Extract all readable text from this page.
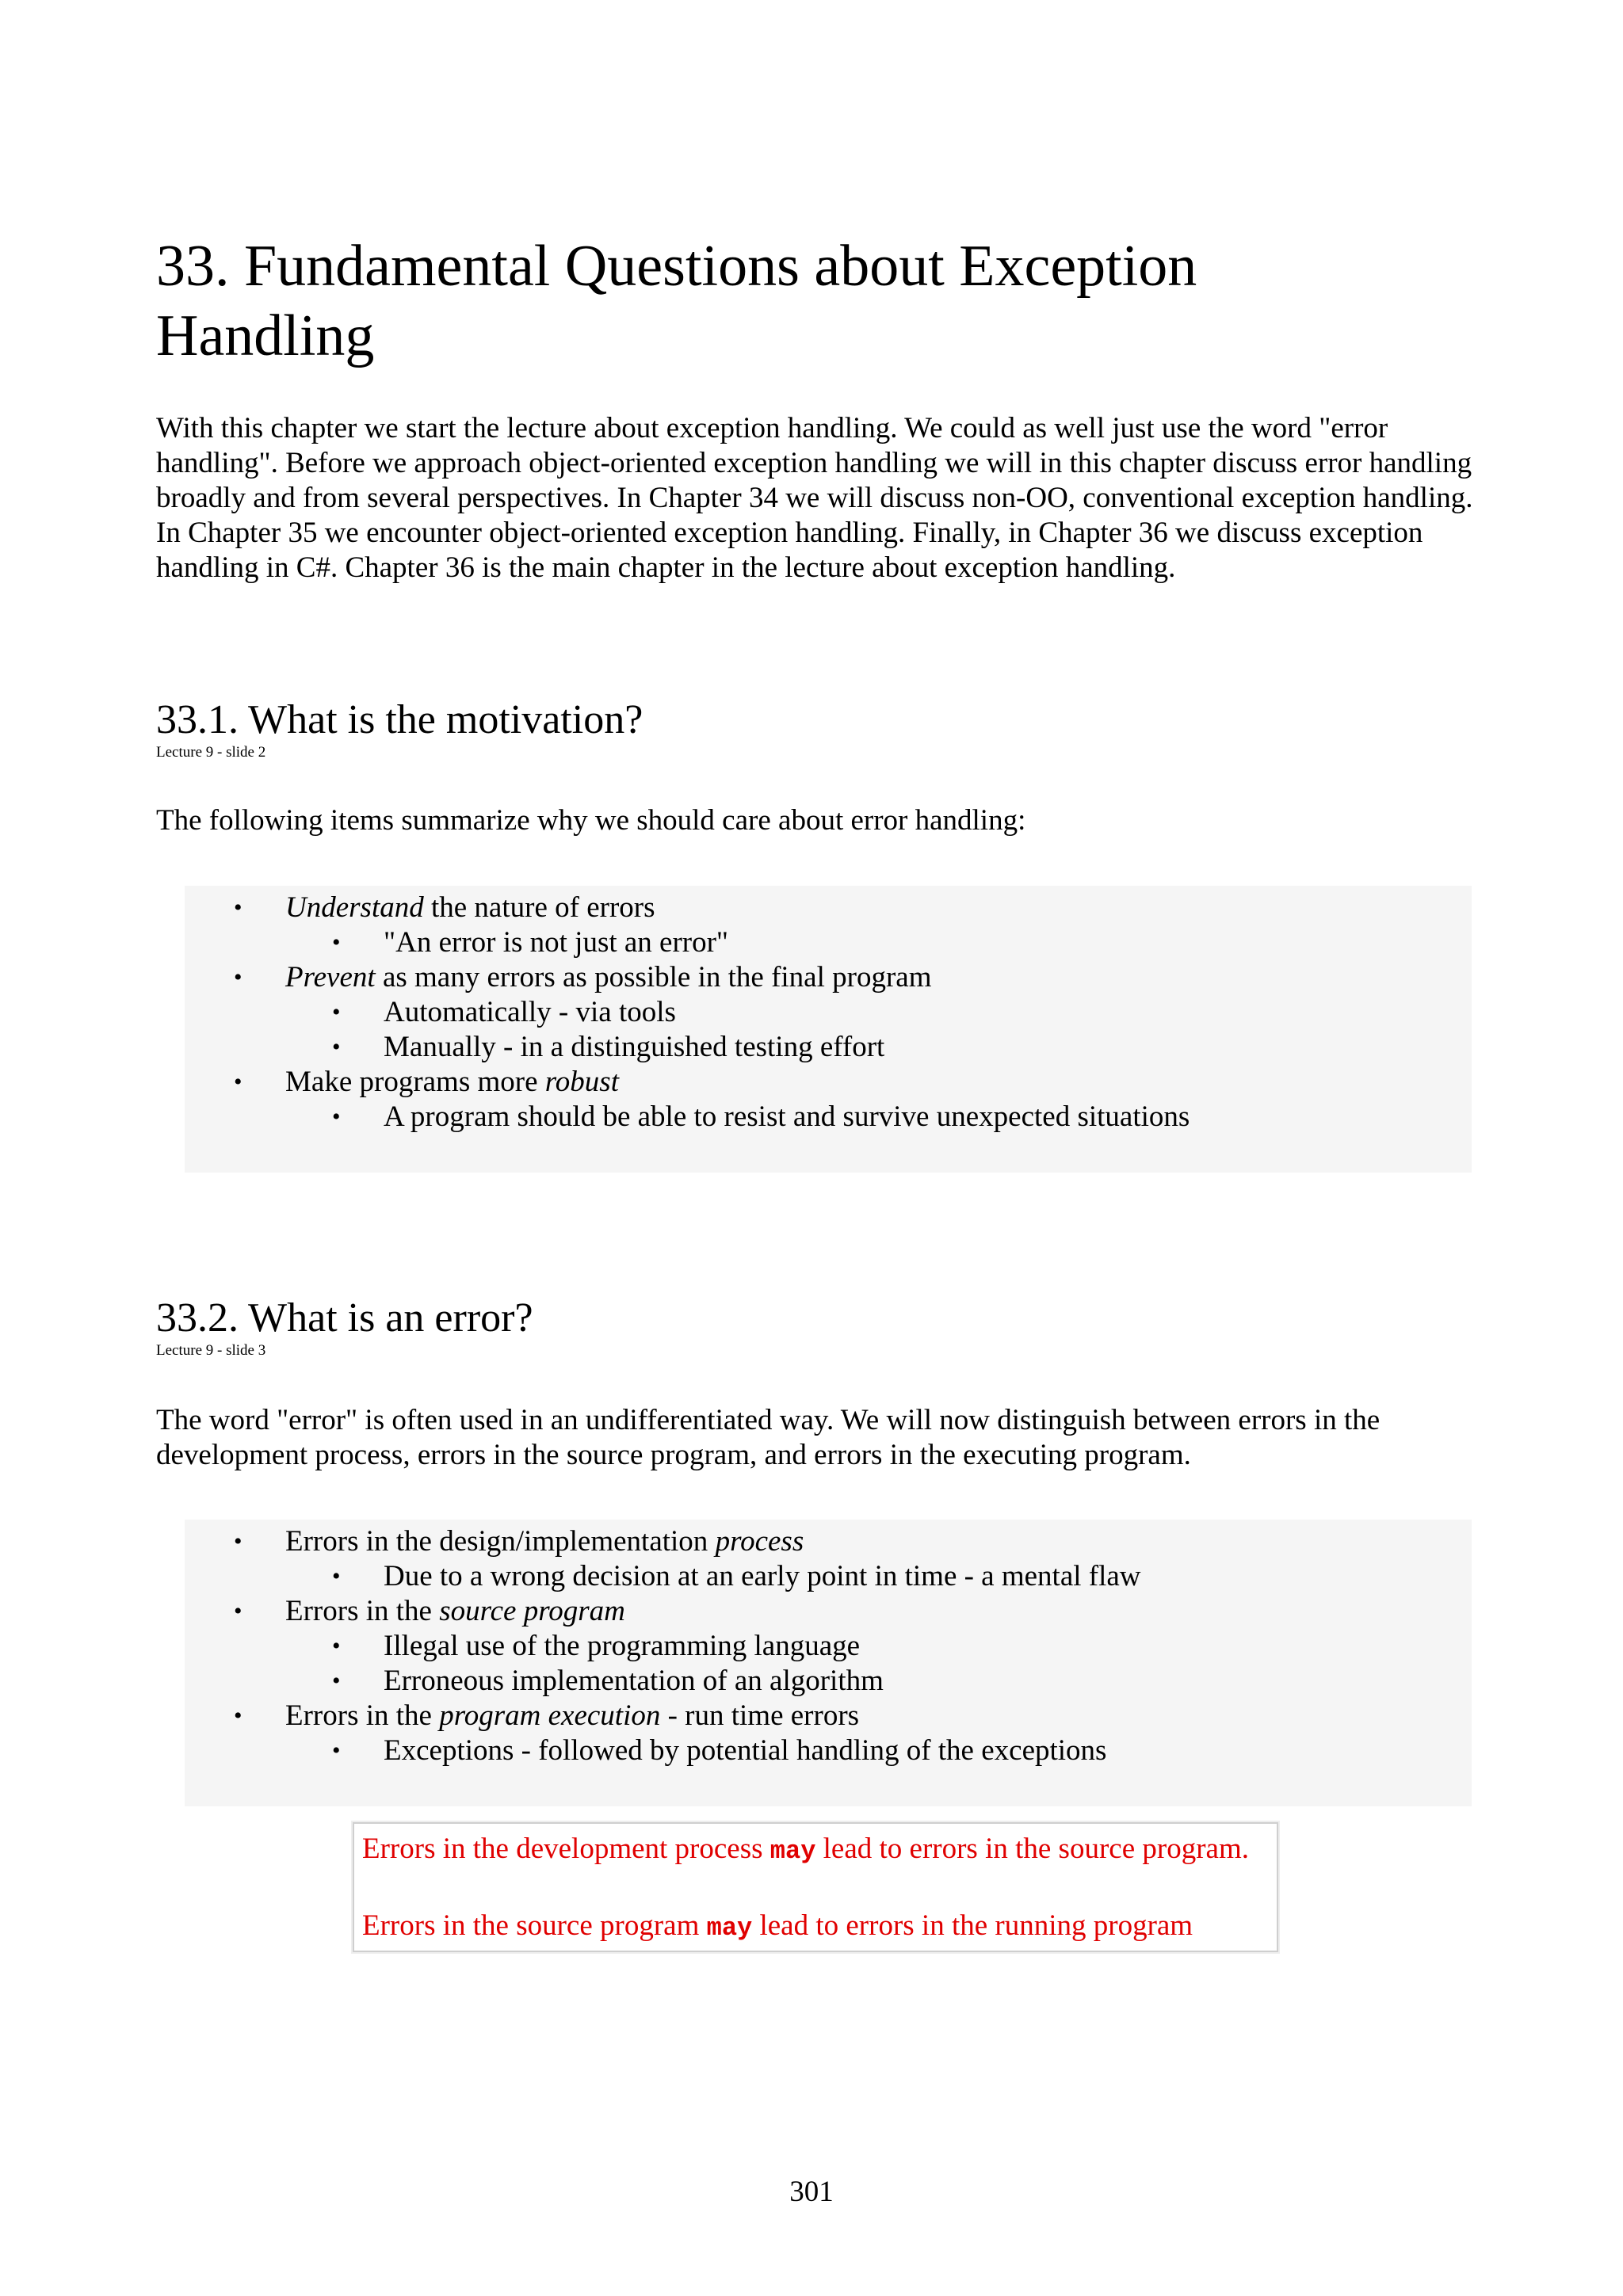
33. Fundamental Questions about Exception
Handling

With this chapter we start the lecture about exception handling. We could as well just use the word "error handling". Before we approach object-oriented exception handling we will in this chapter discuss error handling broadly and from several perspectives. In Chapter 34 we will discuss non-OO, conventional exception handling. In Chapter 35 we encounter object-oriented exception handling. Finally, in Chapter 36 we discuss exception handling in C#. Chapter 36 is the main chapter in the lecture about exception handling.

33.1. What is the motivation?
Lecture 9 - slide 2

The following items summarize why we should care about error handling:

• Understand the nature of errors
• "An error is not just an error"
• Prevent as many errors as possible in the final program
• Automatically - via tools
• Manually - in a distinguished testing effort
• Make programs more robust
• A program should be able to resist and survive unexpected situations
33.2. What is an error?
Lecture 9 - slide 3

The word "error" is often used in an undifferentiated way. We will now distinguish between errors in the development process, errors in the source program, and errors in the executing program.

• Errors in the design/implementation process
• Due to a wrong decision at an early point in time - a mental flaw
• Errors in the source program
• Illegal use of the programming language
• Erroneous implementation of an algorithm
• Errors in the program execution - run time errors
• Exceptions - followed by potential handling of the exceptions
Errors in the development process may lead to errors in the source program.
Errors in the source program may lead to errors in the running program
301
